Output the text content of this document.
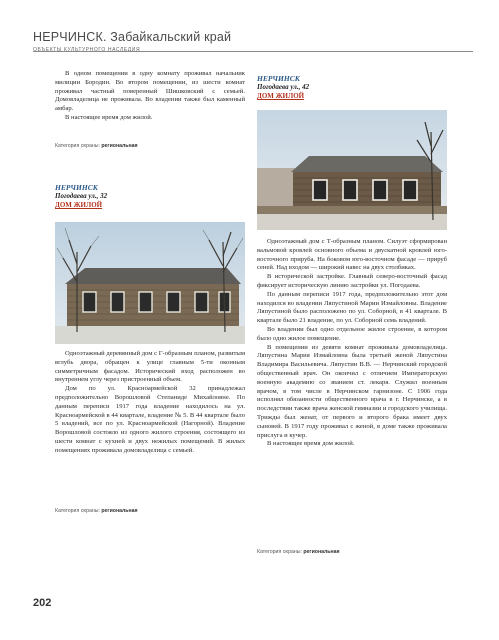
НЕРЧИНСК. Забайкальский край
ОБЪЕКТЫ КУЛЬТУРНОГО НАСЛЕДИЯ

В одном помещении в одну комнату проживал начальник милиции Бородин. Во втором помещении, из шести комнат проживал частный поверенный Шишковский с семьей. Домовладелица не проживала. Во владении также был каменный амбар.

В настоящее время дом жилой.

Категория охраны: региональная
НЕРЧИНСК
Погодаева ул., 32
ДОМ ЖИЛОЙ

Одноэтажный деревянный дом с Г-образным планом, развитым вглубь двора, обращен к улице главным 5-ти оконным симметричным фасадом. Исторический вход расположен во внутреннем углу через пристроенный объем.

Дом по ул. Красноармейской 32 принадлежал предположительно Ворошловой Степаниде Михайловне. По данным переписи 1917 года владение находилось на ул. Красноармейской в 44 квартале, владение № 5. В 44 квартале было 5 владений, все по ул. Красноармейской (Нагорной). Владение Ворошловой состояло из одного жилого строения, состоящего из шести комнат с кухней и двух нежилых помещений. В жилых помещениях проживала домовладелица с семьей.

Категория охраны: региональная
НЕРЧИНСК
Погодаева ул., 42
ДОМ ЖИЛОЙ

Одноэтажный дом с Т-образным планом. Силуэт сформирован вальмовой кровлей основного объема и двускатной кровлей юго-восточного прируба. На боковом юго-восточном фасаде — прируб сеней. Над входом — широкий навес на двух столбиках.

В исторической застройке. Главный северо-восточный фасад фиксирует историческую линию застройки ул. Погодаева.

По данным переписи 1917 года, предположительно этот дом находился во владении Ляпустиной Марии Измайловны. Владение Ляпустиной было расположено по ул. Соборной, в 41 квартале. В квартале было 21 владение, по ул. Соборной семь владений.

Во владении был одно отдельное жилое строение, в котором было одно жилое помещение.

В помещении из девяти комнат проживала домовладелица. Ляпустина Мария Измайловна была третьей женой Ляпустина Владимира Васильевича. Ляпустин В.В. — Нерчинский городской общественный врач. Он окончил с отличием Императорскую военную академию со званием ст. лекаря. Служил военным врачом, в том числе в Нерчинском гарнизоне. С 1906 года исполнял обязанности общественного врача в г. Нерчинске, а в последствии также врача женской гимназии и городского училища. Трижды был женат, от первого и второго брака имеет двух сыновей. В 1917 году проживал с женой, в доме также проживала прислуга и кучер.

В настоящее время дом жилой.

Категория охраны: региональная
202
